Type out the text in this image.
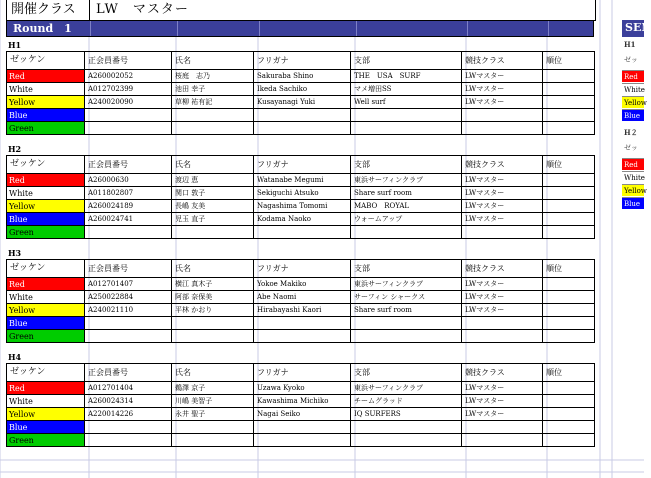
開催クラス	LW　マスター
Round　1
H1
ゼッケン	正会員番号	氏名	フリガナ	支部	競技クラス	順位
Red	A260002052	桜庭　志乃	Sakuraba Shino	THE　USA　SURF	LWマスター	
White	A012702399	池田 幸子	Ikeda Sachiko	マメ増田SS	LWマスター	
Yellow	A240020090	草柳 祐有記	Kusayanagi Yuki	Well surf	LWマスター	
Blue						
Green						
H2
ゼッケン	正会員番号	氏名	フリガナ	支部	競技クラス	順位
Red	A26000630	渡辺 恵	Watanabe Megumi	東浜サーフィンクラブ	LWマスター	
White	A011802807	関口 敦子	Sekiguchi Atsuko	Share surf room	LWマスター	
Yellow	A260024189	長嶋 友美	Nagashima Tomomi	MABO　ROYAL	LWマスター	
Blue	A260024741	児玉 直子	Kodama Naoko	ウォームアップ	LWマスター	
Green						
H3
ゼッケン	正会員番号	氏名	フリガナ	支部	競技クラス	順位
Red	A012701407	横江 真木子	Yokoe Makiko	東浜サーフィンクラブ	LWマスター	
White	A250022884	阿部 奈保美	Abe Naomi	サーフィン シャークス	LWマスター	
Yellow	A240021110	平林 かおり	Hirabayashi Kaori	Share surf room	LWマスター	
Blue						
Green						
H4
ゼッケン	正会員番号	氏名	フリガナ	支部	競技クラス	順位
Red	A012701404	鵜澤 京子	Uzawa Kyoko	東浜サーフィンクラブ	LWマスター	
White	A260024314	川嶋 美智子	Kawashima Michiko	チームグラッド	LWマスター	
Yellow	A220014226	永井 聖子	Nagai Seiko	IQ SURFERS	LWマスター	
Blue						
Green						
SEN
H1
ゼッ
Red
White
Yellow
Blue
H２
ゼッ
Red
White
Yellow
Blue
